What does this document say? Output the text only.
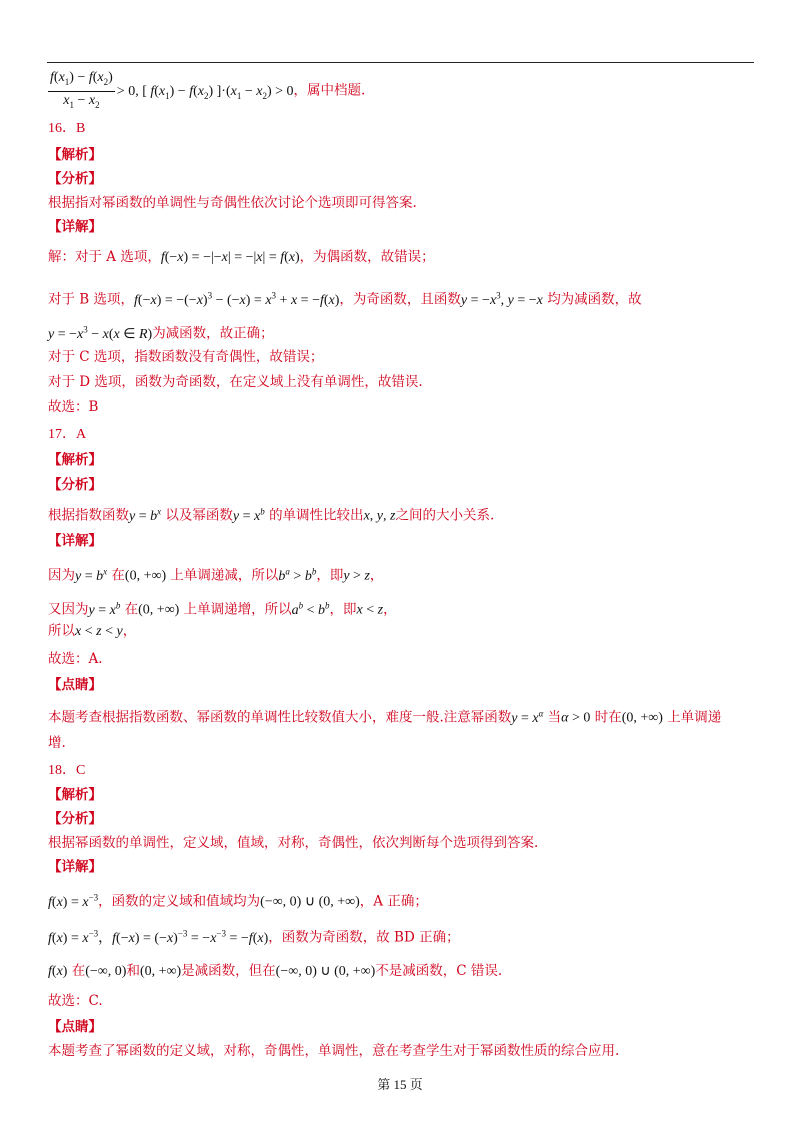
$\frac{f(x_1) - f(x_2)}{x_1 - x_2} > 0$, [ $f(x_1) - f(x_2) ]\cdot(x_1 - x_2) > 0$，属中档题.
16．B
【解析】
【分析】
根据指对幂函数的单调性与奇偶性依次讨论个选项即可得答案.
【详解】
解：对于 A 选项，f(−x) = −|−x| = −|x| = f(x)，为偶函数，故错误；
对于 B 选项，$f(-x) = -(-x)^3 - (-x) = x^3 + x = -f(x)$，为奇函数，且函数$y = -x^3$, y = −x 均为减函数，故
$y = -x^3 - x(x$ ∈ R)为减函数，故正确；
对于 C 选项，指数函数没有奇偶性，故错误；
对于 D 选项，函数为奇函数，在定义域上没有单调性，故错误.
故选：B
17．A
【解析】
【分析】
根据指数函数$y = b^x$ 以及幂函数$y = x^b$ 的单调性比较出x, y, z之间的大小关系.
【详解】
因为$y = b^x$ 在(0, +∞) 上单调递减，所以$b^a > b^b$，即y > z，
又因为$y = x^b$ 在(0, +∞) 上单调递增，所以$a^b < b^b$，即x < z，
所以x < z < y，
故选：A.
【点睛】
本题考查根据指数函数、幂函数的单调性比较数值大小，难度一般.注意幂函数$y = x^\alpha$ 当α > 0 时在(0, +∞) 上单调递
增.
18．C
【解析】
【分析】
根据幂函数的单调性，定义域，值域，对称，奇偶性，依次判断每个选项得到答案.
【详解】
$f(x) = x^{-3}$，函数的定义域和值域均为(−∞, 0) ∪ (0, +∞)，A 正确；
$f(x) = x^{-3}$，$f(-x) = (-x)^{-3} = -x^{-3} = -f(x)$，函数为奇函数，故 BD 正确；
f(x) 在(−∞, 0)和(0, +∞)是减函数，但在(−∞, 0) ∪ (0, +∞)不是减函数，C 错误.
故选：C.
【点睛】
本题考查了幂函数的定义域，对称，奇偶性，单调性，意在考查学生对于幂函数性质的综合应用.
第 15 页
